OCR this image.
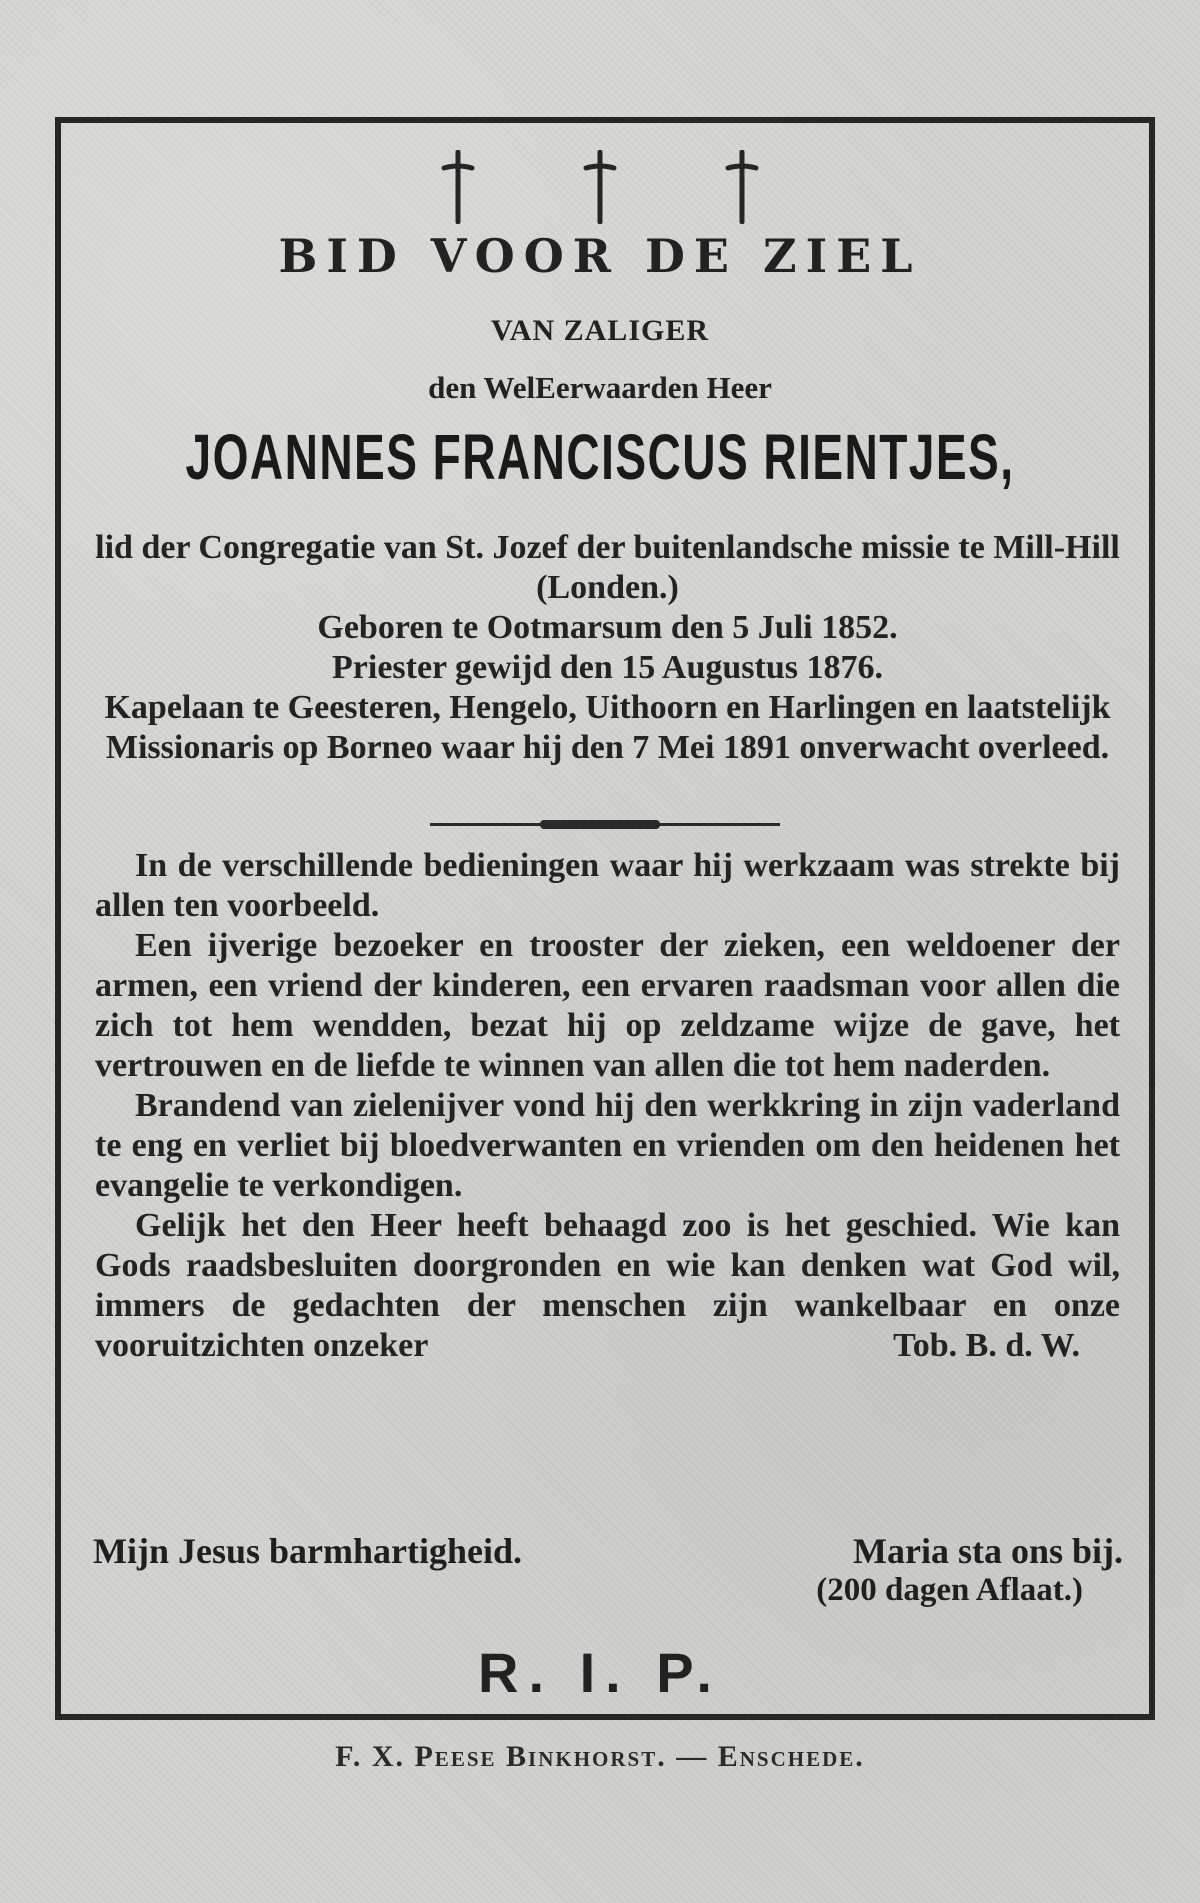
BID VOOR DE ZIEL
VAN ZALIGER
den WelEerwaarden Heer
JOANNES FRANCISCUS RIENTJES,

lid der Congregatie van St. Jozef der buitenlandsche missie te Mill-Hill (Londen.)

Geboren te Ootmarsum den 5 Juli 1852.

Priester gewijd den 15 Augustus 1876.

Kapelaan te Geesteren, Hengelo, Uithoorn en Harlingen en laatstelijk Missionaris op Borneo waar hij den 7 Mei 1891 onverwacht overleed.

In de verschillende bedieningen waar hij werkzaam was strekte bij allen ten voorbeeld.

Een ijverige bezoeker en trooster der zieken, een weldoener der armen, een vriend der kinderen, een ervaren raadsman voor allen die zich tot hem wendden, bezat hij op zeldzame wijze de gave, het vertrouwen en de liefde te winnen van allen die tot hem naderden.

Brandend van zielenijver vond hij den werkkring in zijn vaderland te eng en verliet bij bloedverwanten en vrienden om den heidenen het evangelie te verkondigen.

Gelijk het den Heer heeft behaagd zoo is het geschied. Wie kan Gods raadsbesluiten doorgronden en wie kan denken wat God wil, immers de gedachten der menschen zijn wankelbaar en onze vooruitzichten onzeker	Tob. B. d. W.

Mijn Jesus barmhartigheid.	Maria sta ons bij.
(200 dagen Aflaat.)
R. I. P.
F. X. Peese Binkhorst. — Enschede.
